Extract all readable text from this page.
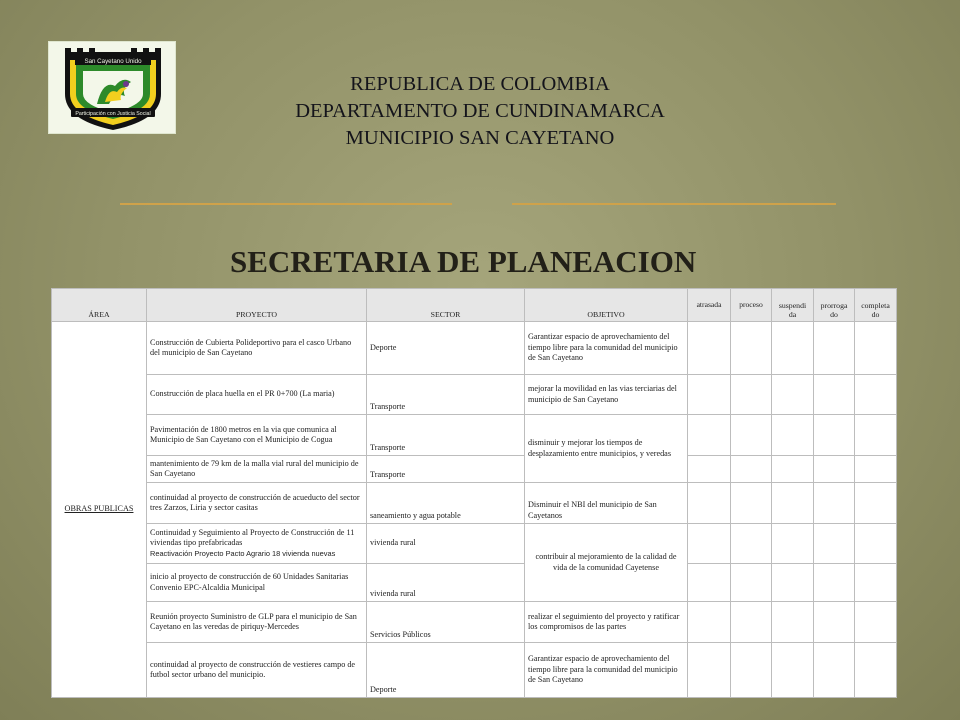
San Cayetano Unido
Participación con Justicia Social
REPUBLICA DE COLOMBIA
DEPARTAMENTO DE CUNDINAMARCA
MUNICIPIO SAN CAYETANO
SECRETARIA DE PLANEACION
ÁREA	PROYECTO	SECTOR	OBJETIVO	atrasada	proceso	suspendi da	prorroga do	completa do
OBRAS PUBLICAS	Construcción de Cubierta Polideportivo para el casco Urbano del municipio de San Cayetano	Deporte	Garantizar espacio de aprovechamiento del tiempo libre para la comunidad del municipio de San Cayetano					
	Construcción de placa huella en el PR 0+700 (La maria)	Transporte	mejorar la movilidad en las vias terciarias del municipio de San Cayetano					
	Pavimentación de 1800 metros en la via que comunica al Municipio de San Cayetano con el Municipio de Cogua	Transporte	disminuir y mejorar los tiempos de desplazamiento entre municipios, y veredas					
	mantenimiento de 79 km de la malla vial rural del municipio de San Cayetano	Transporte						
	continuidad al proyecto de construcción de acueducto del sector tres Zarzos, Liria y sector casitas	saneamiento y agua potable	Disminuir el NBI del municipio de San Cayetanos					

	Continuidad y Seguimiento al Proyecto de Construcción de 11 viviendas tipo prefabricadas
Reactivación Proyecto Pacto Agrario 18 vivienda nuevas	vivienda rural	contribuir al mejoramiento de la calidad de vida de la comunidad Cayetense					
	inicio al proyecto de construcción de 60 Unidades Sanitarias Convenio EPC-Alcaldia Municipal	vivienda rural						
	Reunión proyecto Suministro de GLP para el municipio de San Cayetano en las veredas de piriquy-Mercedes	Servicios Públicos	realizar el seguimiento del proyecto y ratificar los compromisos de las partes					
	continuidad al proyecto de construcción de vestieres campo de futbol sector urbano del municipio.	Deporte	Garantizar espacio de aprovechamiento del tiempo libre para la comunidad del municipio de San Cayetano					
